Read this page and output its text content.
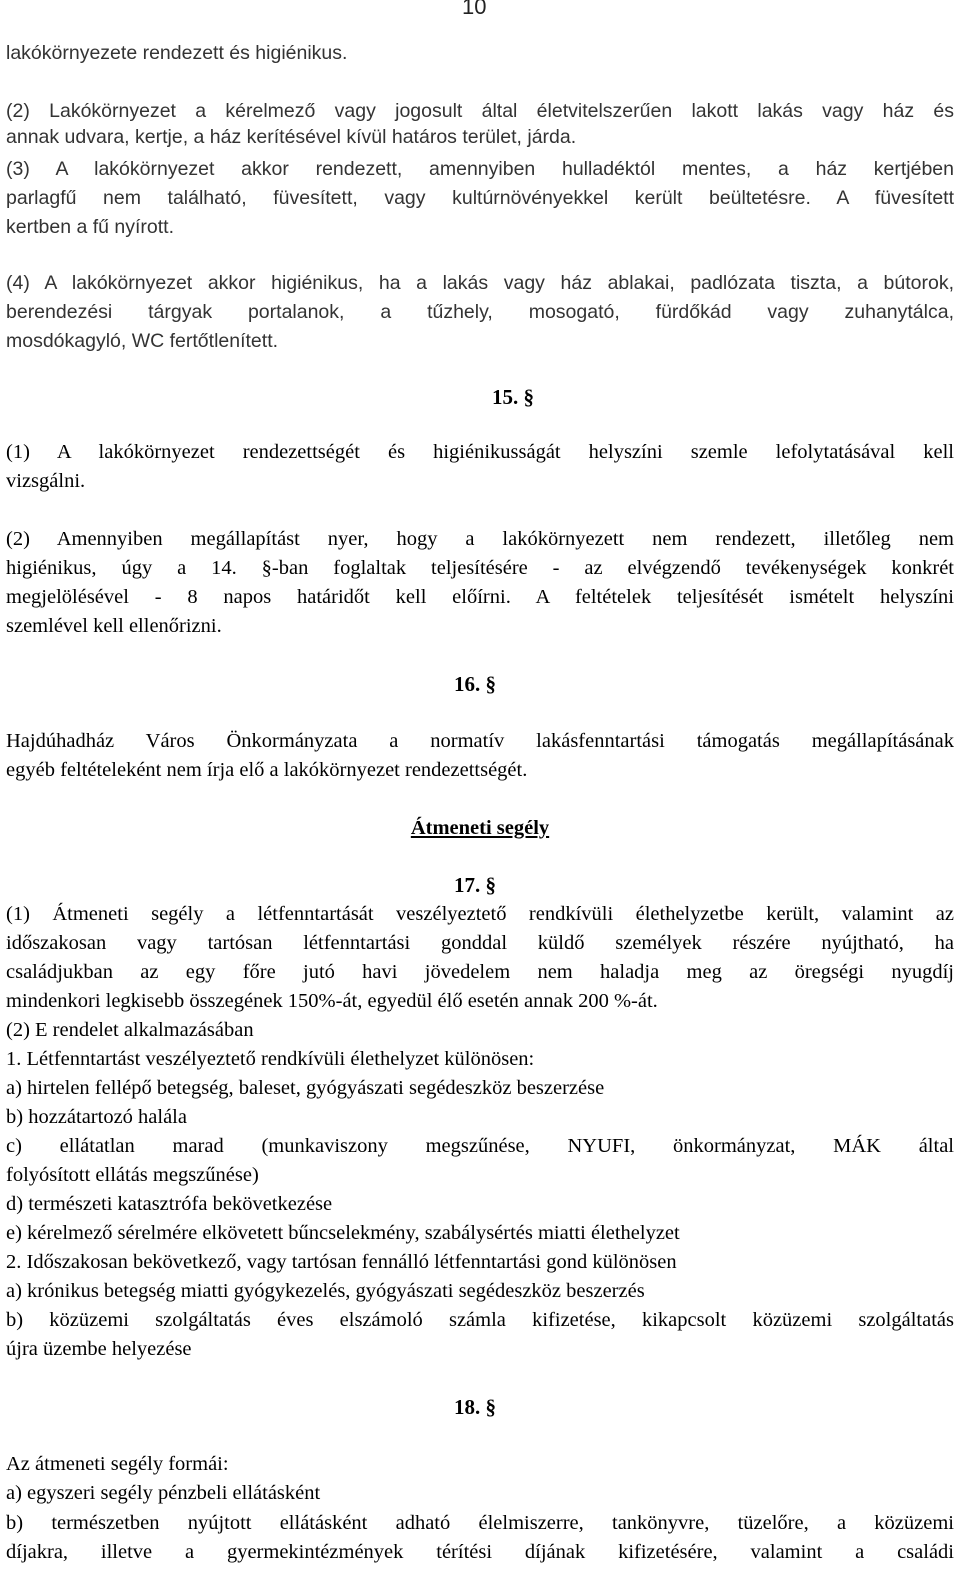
10
lakókörnyezete rendezett és higiénikus.
(2) Lakókörnyezet a kérelmező vagy jogosult által életvitelszerűen lakott lakás vagy ház és
annak udvara, kertje, a ház kerítésével kívül határos terület, járda.
(3) A lakókörnyezet akkor rendezett, amennyiben hulladéktól mentes, a ház kertjében
parlagfű nem található, füvesített, vagy kultúrnövényekkel került beültetésre. A füvesített
kertben a fű nyírott.
(4) A lakókörnyezet akkor higiénikus, ha a lakás vagy ház ablakai, padlózata tiszta, a bútorok,
berendezési tárgyak portalanok, a tűzhely, mosogató, fürdőkád vagy zuhanytálca,
mosdókagyló, WC fertőtlenített.
15. §
(1) A lakókörnyezet rendezettségét és higiénikusságát helyszíni szemle lefolytatásával kell
vizsgálni.
(2) Amennyiben megállapítást nyer, hogy a lakókörnyezett nem rendezett, illetőleg nem
higiénikus, úgy a 14. §-ban foglaltak teljesítésére - az elvégzendő tevékenységek konkrét
megjelölésével - 8 napos határidőt kell előírni. A feltételek teljesítését ismételt helyszíni
szemlével kell ellenőrizni.
16. §
Hajdúhadház Város Önkormányzata a normatív lakásfenntartási támogatás megállapításának
egyéb feltételeként nem írja elő a lakókörnyezet rendezettségét.
Átmeneti segély
17. §
(1) Átmeneti segély a létfenntartását veszélyeztető rendkívüli élethelyzetbe került, valamint az
időszakosan vagy tartósan létfenntartási gonddal küldő személyek részére nyújtható, ha
családjukban az egy főre jutó havi jövedelem nem haladja meg az öregségi nyugdíj
mindenkori legkisebb összegének 150%-át, egyedül élő esetén annak 200 %-át.
(2) E rendelet alkalmazásában
1. Létfenntartást veszélyeztető rendkívüli élethelyzet különösen:
a) hirtelen fellépő betegség, baleset, gyógyászati segédeszköz beszerzése
b) hozzátartozó halála
c) ellátatlan marad (munkaviszony megszűnése, NYUFI, önkormányzat, MÁK által
folyósított ellátás megszűnése)
d) természeti katasztrófa bekövetkezése
e) kérelmező sérelmére elkövetett bűncselekmény, szabálysértés miatti élethelyzet
2. Időszakosan bekövetkező, vagy tartósan fennálló létfenntartási gond különösen
a) krónikus betegség miatti gyógykezelés, gyógyászati segédeszköz beszerzés
b) közüzemi szolgáltatás éves elszámoló számla kifizetése, kikapcsolt közüzemi szolgáltatás
újra üzembe helyezése
18. §
Az átmeneti segély formái:
a) egyszeri segély pénzbeli ellátásként
b) természetben nyújtott ellátásként adható élelmiszerre, tankönyvre, tüzelőre, a közüzemi
díjakra, illetve a gyermekintézmények térítési díjának kifizetésére, valamint a családi
